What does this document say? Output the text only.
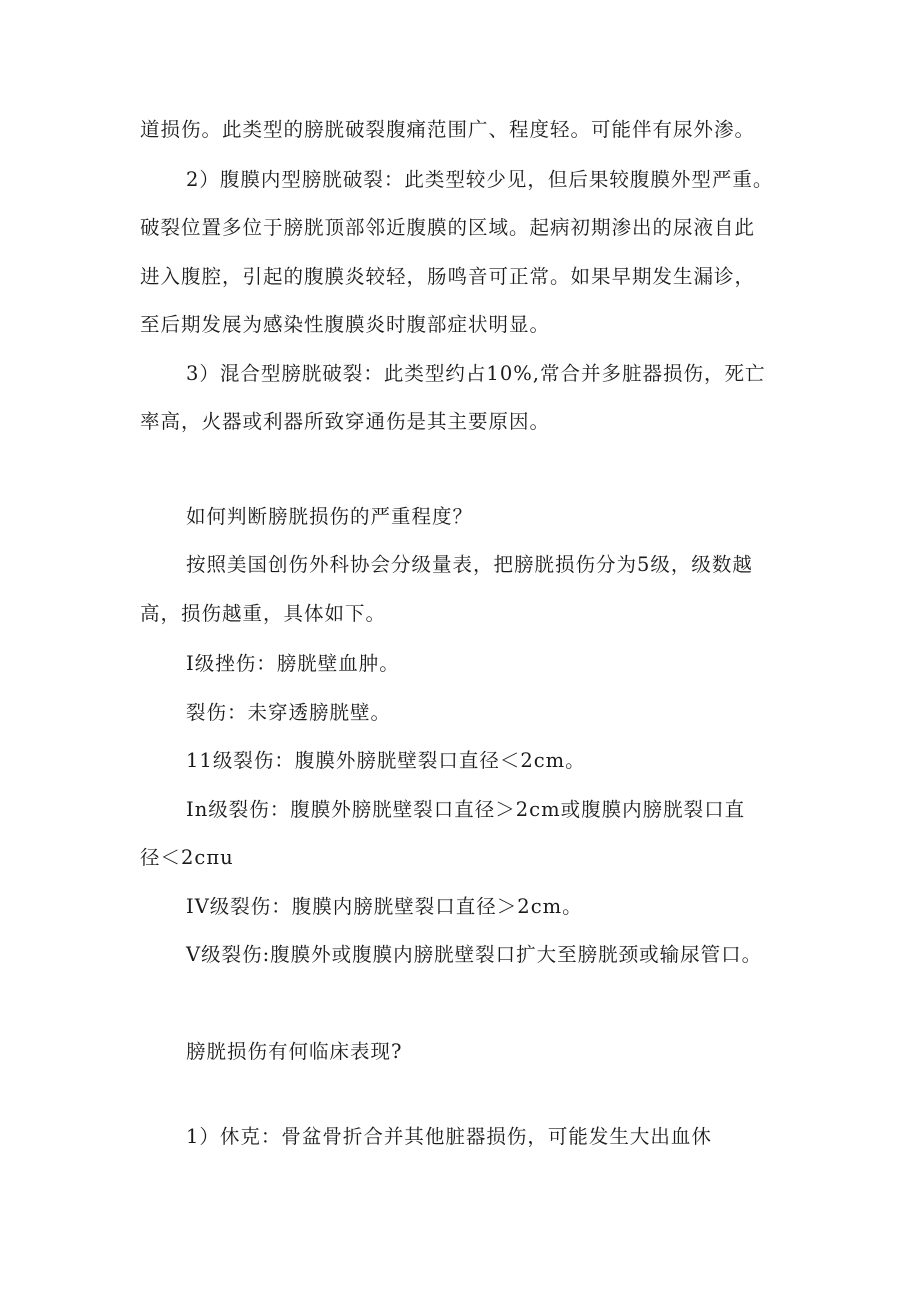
道损伤。此类型的膀胱破裂腹痛范围广、程度轻。可能伴有尿外渗。
2）腹膜内型膀胱破裂：此类型较少见，但后果较腹膜外型严重。
破裂位置多位于膀胱顶部邻近腹膜的区域。起病初期渗出的尿液自此
进入腹腔，引起的腹膜炎较轻，肠鸣音可正常。如果早期发生漏诊，
至后期发展为感染性腹膜炎时腹部症状明显。
3）混合型膀胱破裂：此类型约占10%,常合并多脏器损伤，死亡
率高，火器或利器所致穿通伤是其主要原因。
如何判断膀胱损伤的严重程度？
按照美国创伤外科协会分级量表，把膀胱损伤分为5级，级数越
高，损伤越重，具体如下。
I级挫伤：膀胱壁血肿。
裂伤：未穿透膀胱壁。
11级裂伤：腹膜外膀胱壁裂口直径＜2cm。
In级裂伤：腹膜外膀胱壁裂口直径＞2cm或腹膜内膀胱裂口直
径＜2cπu
IV级裂伤：腹膜内膀胱壁裂口直径＞2cm。
V级裂伤:腹膜外或腹膜内膀胱壁裂口扩大至膀胱颈或输尿管口。
膀胱损伤有何临床表现?
1）休克：骨盆骨折合并其他脏器损伤，可能发生大出血休
